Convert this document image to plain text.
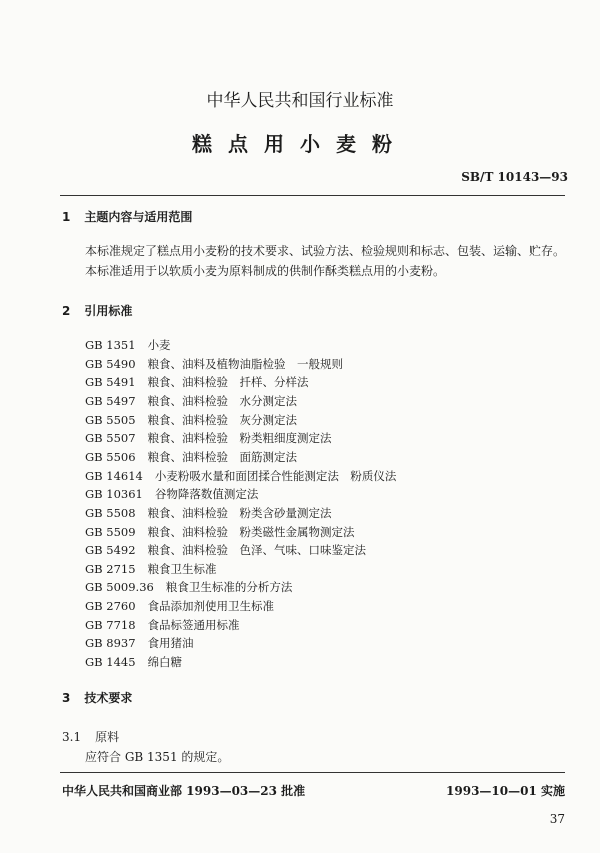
中华人民共和国行业标准
糕点用小麦粉
SB/T 10143—93
1 主题内容与适用范围
本标准规定了糕点用小麦粉的技术要求、试验方法、检验规则和标志、包装、运输、贮存。
本标准适用于以软质小麦为原料制成的供制作酥类糕点用的小麦粉。
2 引用标准
GB 1351 小麦
GB 5490 粮食、油料及植物油脂检验　一般规则
GB 5491 粮食、油料检验　扦样、分样法
GB 5497 粮食、油料检验　水分测定法
GB 5505 粮食、油料检验　灰分测定法
GB 5507 粮食、油料检验　粉类粗细度测定法
GB 5506 粮食、油料检验　面筋测定法
GB 14614 小麦粉吸水量和面团揉合性能测定法　粉质仪法
GB 10361 谷物降落数值测定法
GB 5508 粮食、油料检验　粉类含砂量测定法
GB 5509 粮食、油料检验　粉类磁性金属物测定法
GB 5492 粮食、油料检验　色泽、气味、口味鉴定法
GB 2715 粮食卫生标准
GB 5009.36 粮食卫生标准的分析方法
GB 2760 食品添加剂使用卫生标准
GB 7718 食品标签通用标准
GB 8937 食用猪油
GB 1445 绵白糖
3 技术要求
3.1 原料
应符合 GB 1351 的规定。
中华人民共和国商业部 1993—03—23 批准	1993—10—01 实施
37
